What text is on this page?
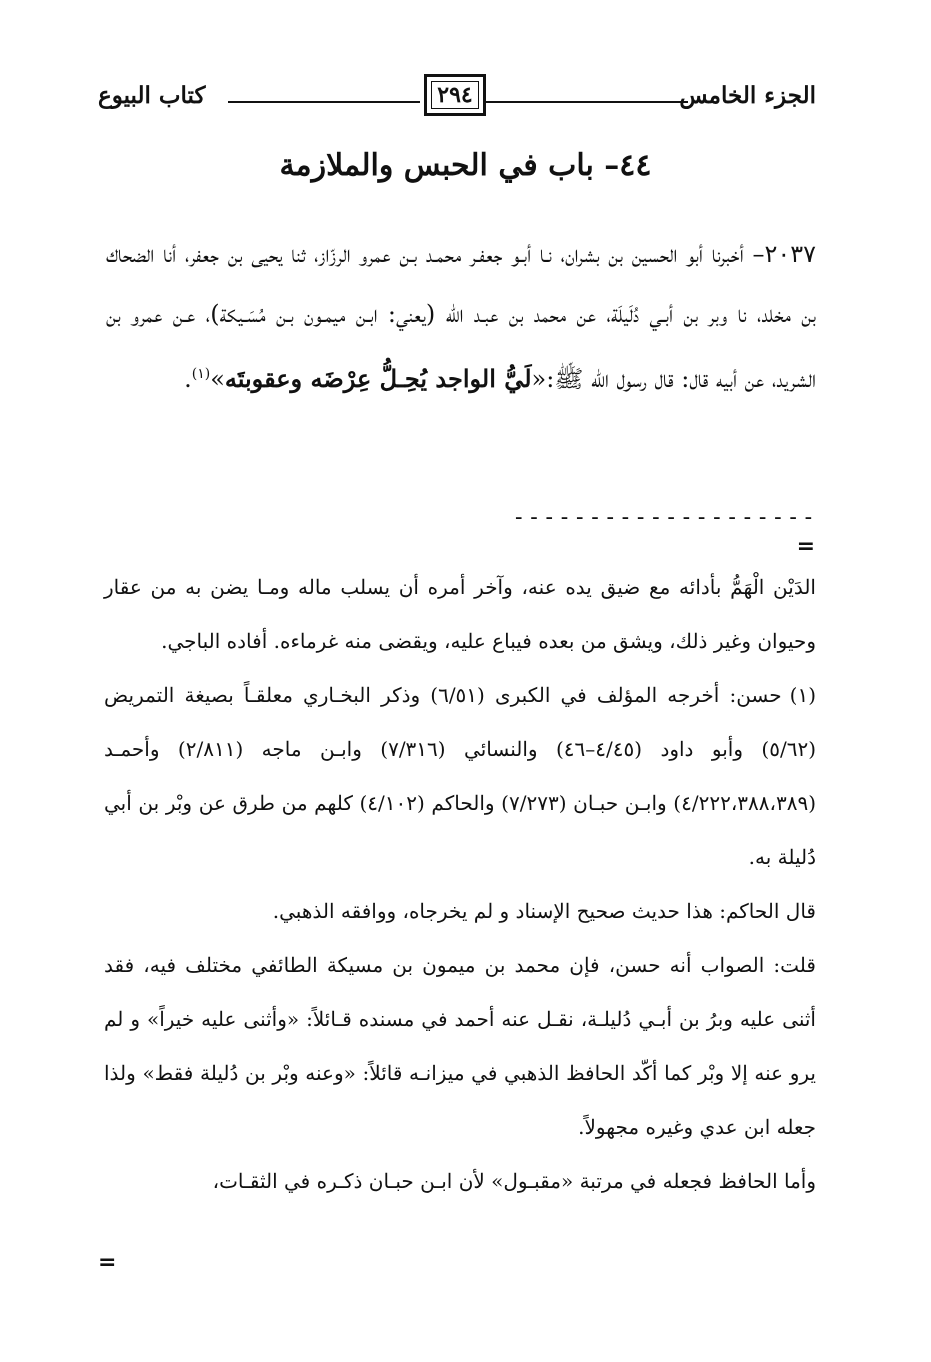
الجزء الخامس
٢٩٤
كتاب البيوع
٤٤– باب في الحبس والملازمة

٢٠٣٧– أخبرنا أبو الحسين بن بشران، نـا أبـو جعفـر محمـد بـن عمرو الرزّاز، ثنا يحيى بن جعفر، أنا الضحاك بن مخلد، نا وبر بن أبـي دُلَيلَة، عن محمد بن عبـد الله (يعني: ابـن ميمـون بـن مُسَـيكة)، عـن عمرو بن الشريد، عن أبيه قال: قال رسول الله ﷺ:«لَيُّ الواجد يُحِـلُّ عِرْضَه وعقوبتَه»$^{(١)}$.

--------------------
=

الدَيْن الْهَمُّ بأدائه مع ضيق يده عنه، وآخر أمره أن يسلب ماله ومـا يضن به من عقار وحيوان وغير ذلك، ويشق من بعده فيباع عليه، ويقضى منه غرماءه. أفاده الباجي.

(١)حسن: أخرجه المؤلف في الكبرى (٦/٥١) وذكر البخـاري معلقـاً بصيغة التمريض (٥/٦٢) وأبو داود (٤/٤٥–٤٦) والنسائي (٧/٣١٦) وابـن ماجه (٢/٨١١) وأحمـد (٤/٢٢٢،٣٨٨،٣٨٩) وابـن حبـان (٧/٢٧٣) والحاكم (٤/١٠٢) كلهم من طرق عن وبْر بن أبي دُليلة به.

قال الحاكم: هذا حديث صحيح الإسناد و لم يخرجاه، ووافقه الذهبي.

قلت: الصواب أنه حسن، فإن محمد بن ميمون بن مسيكة الطائفي مختلف فيه، فقد أثنى عليه وبرُ بن أبـي دُليلـة، نقـل عنه أحمد في مسنده قـائلاً: «وأثنى عليه خيراً» و لم يرو عنه إلا وبْر كما أكّد الحافظ الذهبي في ميزانـه قائلاً: «وعنه وبْر بن دُليلة فقط» ولذا جعله ابن عدي وغيره مجهولاً.

وأما الحافظ فجعله في مرتبة «مقبـول» لأن ابـن حبـان ذكـره في الثقـات،

=
